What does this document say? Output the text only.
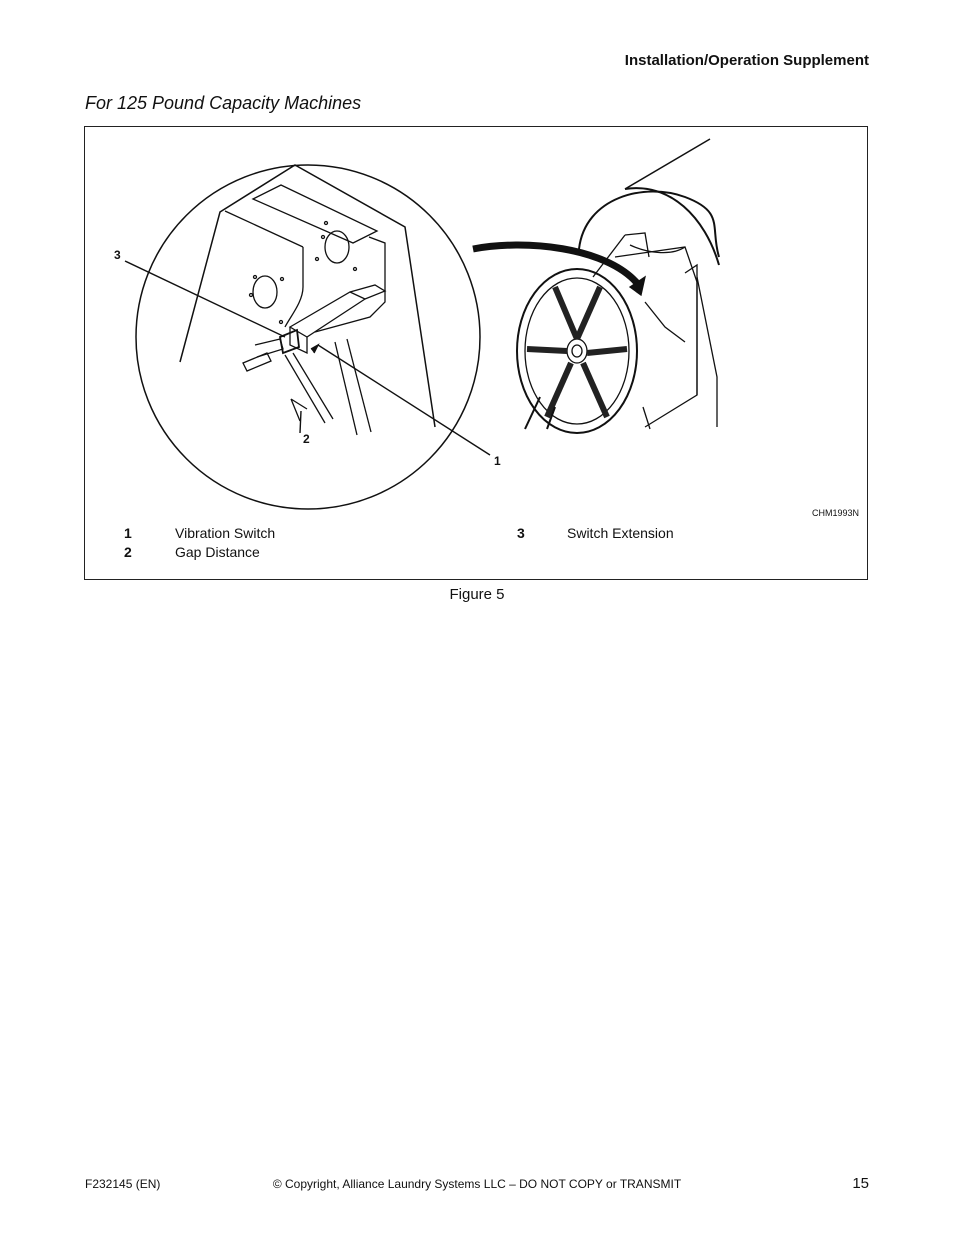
Installation/Operation Supplement
For 125 Pound Capacity Machines
3
2
1
CHM1993N
1	Vibration Switch
2	Gap Distance
3	Switch Extension
Figure 5
F232145 (EN)	© Copyright, Alliance Laundry Systems LLC – DO NOT COPY or TRANSMIT	15
